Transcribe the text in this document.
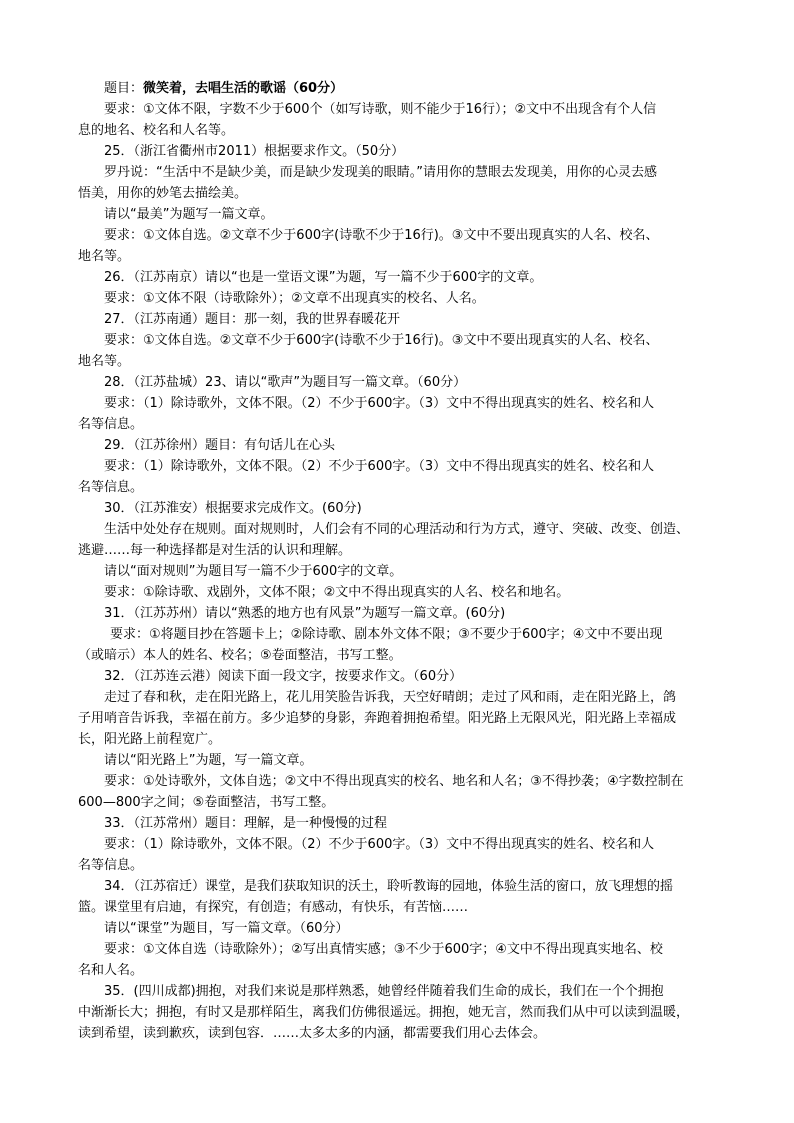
题目：微笑着，去唱生活的歌谣（60分）
要求：①文体不限，字数不少于600个（如写诗歌，则不能少于16行）；②文中不出现含有个人信
息的地名、校名和人名等。
25．（浙江省衢州市2011）根据要求作文。（50分）
罗丹说：“生活中不是缺少美，而是缺少发现美的眼睛。”请用你的慧眼去发现美，用你的心灵去感
悟美，用你的妙笔去描绘美。
请以“最美”为题写一篇文章。
要求：①文体自选。②文章不少于600字(诗歌不少于16行)。③文中不要出现真实的人名、校名、
地名等。
26．（江苏南京）请以“也是一堂语文课”为题，写一篇不少于600字的文章。
要求：①文体不限（诗歌除外）；②文章不出现真实的校名、人名。
27．（江苏南通）题目：那一刻，我的世界春暖花开
要求：①文体自选。②文章不少于600字(诗歌不少于16行)。③文中不要出现真实的人名、校名、
地名等。
28．（江苏盐城）23、请以“歌声”为题目写一篇文章。（60分）
要求：（1）除诗歌外，文体不限。（2）不少于600字。（3）文中不得出现真实的姓名、校名和人
名等信息。
29．（江苏徐州）题目：有句话儿在心头
要求：（1）除诗歌外，文体不限。（2）不少于600字。（3）文中不得出现真实的姓名、校名和人
名等信息。
30．（江苏淮安）根据要求完成作文。(60分)
生活中处处存在规则。面对规则时，人们会有不同的心理活动和行为方式，遵守、突破、改变、创造、
逃避……每一种选择都是对生活的认识和理解。
请以“面对规则”为题目写一篇不少于600字的文章。
要求：①除诗歌、戏剧外，文体不限；②文中不得出现真实的人名、校名和地名。
31．（江苏苏州）请以“熟悉的地方也有风景”为题写一篇文章。(60分)
要求：①将题目抄在答题卡上；②除诗歌、剧本外文体不限；③不要少于600字；④文中不要出现
（或暗示）本人的姓名、校名；⑤卷面整洁，书写工整。
32．（江苏连云港）阅读下面一段文字，按要求作文。（60分）
走过了春和秋，走在阳光路上，花儿用笑脸告诉我，天空好晴朗；走过了风和雨，走在阳光路上，鸽
子用哨音告诉我，幸福在前方。多少追梦的身影，奔跑着拥抱希望。阳光路上无限风光，阳光路上幸福成
长，阳光路上前程宽广。
请以“阳光路上”为题，写一篇文章。
要求：①处诗歌外，文体自选；②文中不得出现真实的校名、地名和人名；③不得抄袭；④字数控制在
600—800字之间；⑤卷面整洁，书写工整。
33．（江苏常州）题目：理解，是一种慢慢的过程
要求：（1）除诗歌外，文体不限。（2）不少于600字。（3）文中不得出现真实的姓名、校名和人
名等信息。
34．（江苏宿迁）课堂，是我们获取知识的沃土，聆听教诲的园地，体验生活的窗口，放飞理想的摇
篮。课堂里有启迪，有探究，有创造；有感动，有快乐，有苦恼……
请以“课堂”为题目，写一篇文章。（60分）
要求：①文体自选（诗歌除外）；②写出真情实感；③不少于600字；④文中不得出现真实地名、校
名和人名。
35．(四川成都)拥抱，对我们来说是那样熟悉，她曾经伴随着我们生命的成长，我们在一个个拥抱
中渐渐长大；拥抱，有时又是那样陌生，离我们仿佛很遥远。拥抱，她无言，然而我们从中可以读到温暖，
读到希望，读到歉疚，读到包容．……太多太多的内涵，都需要我们用心去体会。
